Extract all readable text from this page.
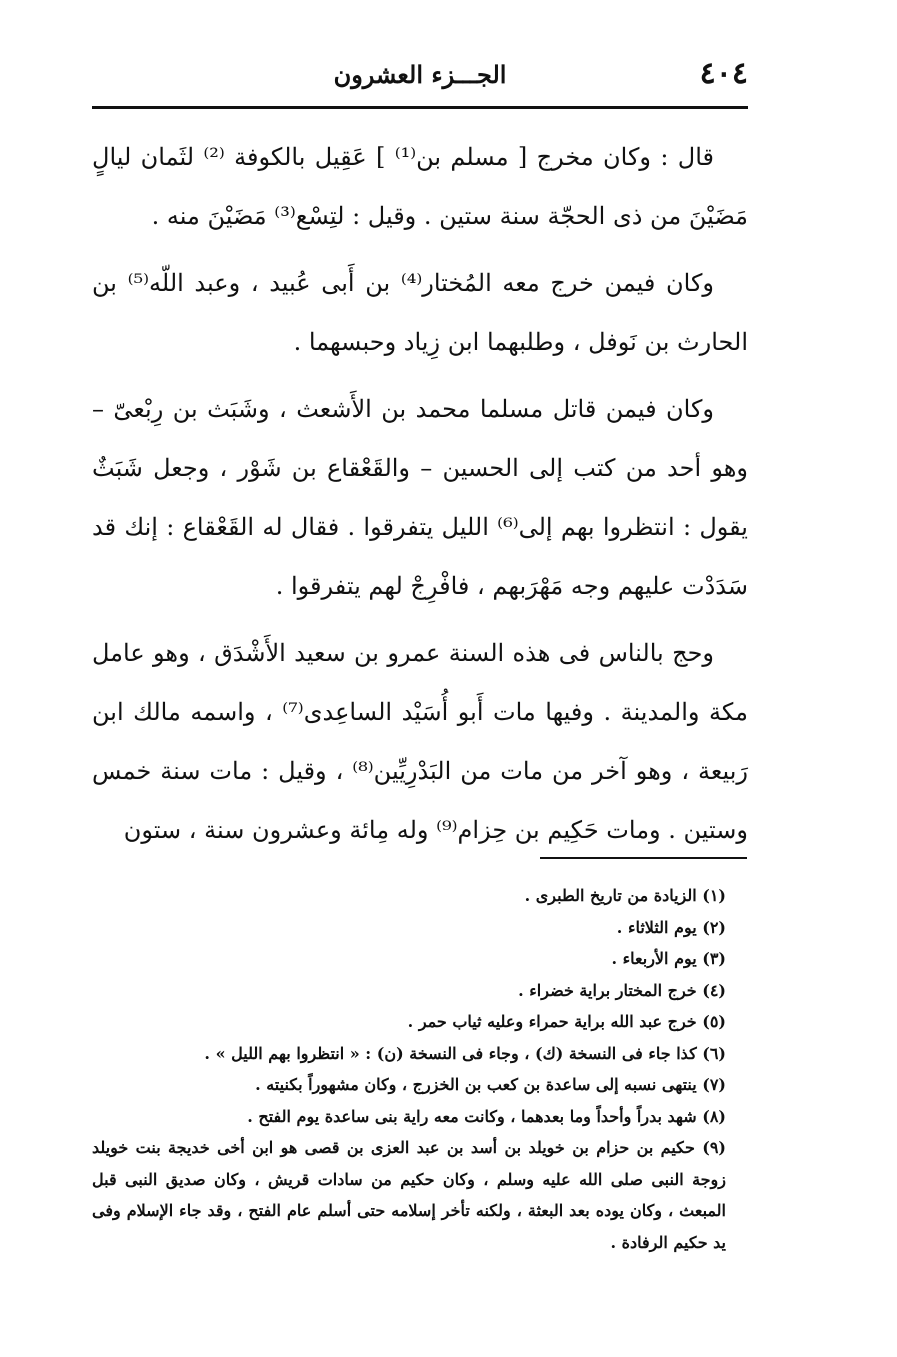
٤٠٤
الجـــزء العشرون

قال : وكان مخرج [ مسلم بن⁽¹⁾ ] عَقِيل بالكوفة ⁽²⁾ لثَمان ليالٍ مَضَيْنَ من ذى الحجّة سنة ستين . وقيل : لتِسْع⁽³⁾ مَضَيْنَ منه .

وكان فيمن خرج معه المُختار⁽⁴⁾ بن أَبى عُبيد ، وعبد اللّه⁽⁵⁾ بن الحارث بن نَوفل ، وطلبهما ابن زِياد وحبسهما .

وكان فيمن قاتل مسلما محمد بن الأَشعث ، وشَبَث بن رِبْعىّ – وهو أحد من كتب إلى الحسين – والقَعْقاع بن شَوْر ، وجعل شَبَثٌ يقول : انتظروا بهم إلى⁽⁶⁾ الليل يتفرقوا . فقال له القَعْقاع : إنك قد سَدَدْت عليهم وجه مَهْرَبهم ، فافْرِجْ لهم يتفرقوا .

وحج بالناس فى هذه السنة عمرو بن سعيد الأَشْدَق ، وهو عامل مكة والمدينة . وفيها مات أَبو أُسَيْد الساعِدى⁽⁷⁾ ، واسمه مالك ابن رَبيعة ، وهو آخر من مات من البَدْرِيِّين⁽⁸⁾ ، وقيل : مات سنة خمس وستين . ومات حَكِيم بن حِزام⁽⁹⁾ وله مِائة وعشرون سنة ، ستون

(١) الزيادة من تاريخ الطبرى .

(٢) يوم الثلاثاء .

(٣) يوم الأربعاء .

(٤) خرج المختار براية خضراء .

(٥) خرج عبد الله براية حمراء وعليه ثياب حمر .

(٦) كذا جاء فى النسخة (ك) ، وجاء فى النسخة (ن) : « انتظروا بهم الليل » .

(٧) ينتهى نسبه إلى ساعدة بن كعب بن الخزرج ، وكان مشهوراً بكنيته .

(٨) شهد بدراً وأحداً وما بعدهما ، وكانت معه راية بنى ساعدة يوم الفتح .

(٩) حكيم بن حزام بن خويلد بن أسد بن عبد العزى بن قصى هو ابن أخى خديجة بنت خويلد زوجة النبى صلى الله عليه وسلم ، وكان حكيم من سادات قريش ، وكان صديق النبى قبل المبعث ، وكان يوده بعد البعثة ، ولكنه تأخر إسلامه حتى أسلم عام الفتح ، وقد جاء الإسلام وفى يد حكيم الرفادة .
